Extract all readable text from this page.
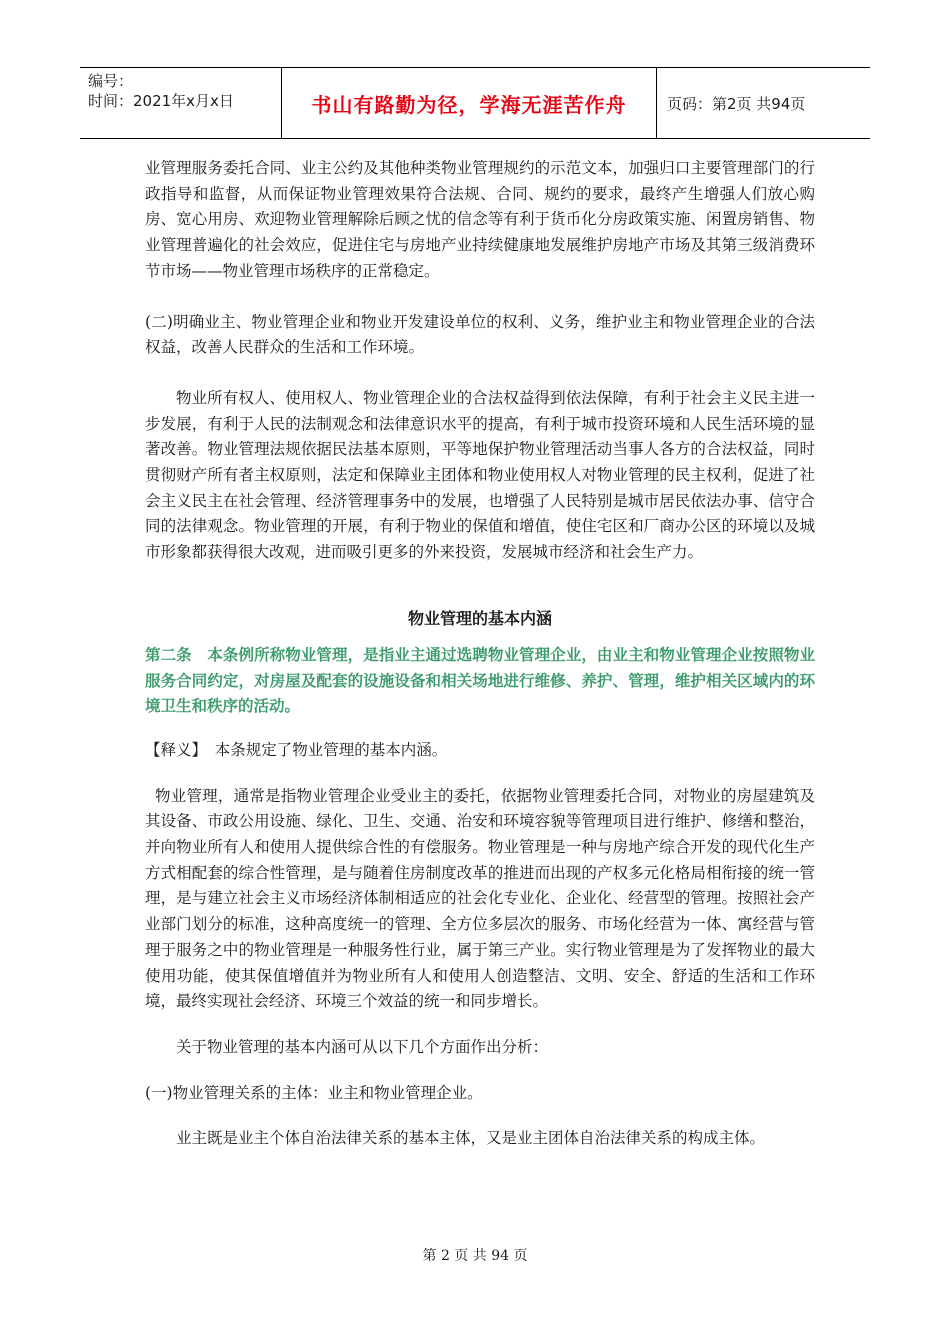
编号：
时间：2021年x月x日	书山有路勤为径，学海无涯苦作舟	页码：第2页 共94页

业管理服务委托合同、业主公约及其他种类物业管理规约的示范文本，加强归口主要管理部门的行政指导和监督，从而保证物业管理效果符合法规、合同、规约的要求，最终产生增强人们放心购房、宽心用房、欢迎物业管理解除后顾之忧的信念等有利于货币化分房政策实施、闲置房销售、物业管理普遍化的社会效应，促进住宅与房地产业持续健康地发展维护房地产市场及其第三级消费环节市场——物业管理市场秩序的正常稳定。

(二)明确业主、物业管理企业和物业开发建设单位的权利、义务，维护业主和物业管理企业的合法权益，改善人民群众的生活和工作环境。

物业所有权人、使用权人、物业管理企业的合法权益得到依法保障，有利于社会主义民主进一步发展，有利于人民的法制观念和法律意识水平的提高，有利于城市投资环境和人民生活环境的显著改善。物业管理法规依据民法基本原则，平等地保护物业管理活动当事人各方的合法权益，同时贯彻财产所有者主权原则，法定和保障业主团体和物业使用权人对物业管理的民主权利，促进了社会主义民主在社会管理、经济管理事务中的发展，也增强了人民特别是城市居民依法办事、信守合同的法律观念。物业管理的开展，有利于物业的保值和增值，使住宅区和厂商办公区的环境以及城市形象都获得很大改观，进而吸引更多的外来投资，发展城市经济和社会生产力。

物业管理的基本内涵

第二条　本条例所称物业管理，是指业主通过选聘物业管理企业，由业主和物业管理企业按照物业服务合同约定，对房屋及配套的设施设备和相关场地进行维修、养护、管理，维护相关区域内的环境卫生和秩序的活动。

【释义】　本条规定了物业管理的基本内涵。

物业管理，通常是指物业管理企业受业主的委托，依据物业管理委托合同，对物业的房屋建筑及其设备、市政公用设施、绿化、卫生、交通、治安和环境容貌等管理项目进行维护、修缮和整治，并向物业所有人和使用人提供综合性的有偿服务。物业管理是一种与房地产综合开发的现代化生产方式相配套的综合性管理，是与随着住房制度改革的推进而出现的产权多元化格局相衔接的统一管理，是与建立社会主义市场经济体制相适应的社会化专业化、企业化、经营型的管理。按照社会产业部门划分的标准，这种高度统一的管理、全方位多层次的服务、市场化经营为一体、寓经营与管理于服务之中的物业管理是一种服务性行业，属于第三产业。实行物业管理是为了发挥物业的最大使用功能，使其保值增值并为物业所有人和使用人创造整洁、文明、安全、舒适的生活和工作环境，最终实现社会经济、环境三个效益的统一和同步增长。

关于物业管理的基本内涵可从以下几个方面作出分析：

(一)物业管理关系的主体：业主和物业管理企业。

业主既是业主个体自治法律关系的基本主体，又是业主团体自治法律关系的构成主体。

第 2 页 共 94 页
